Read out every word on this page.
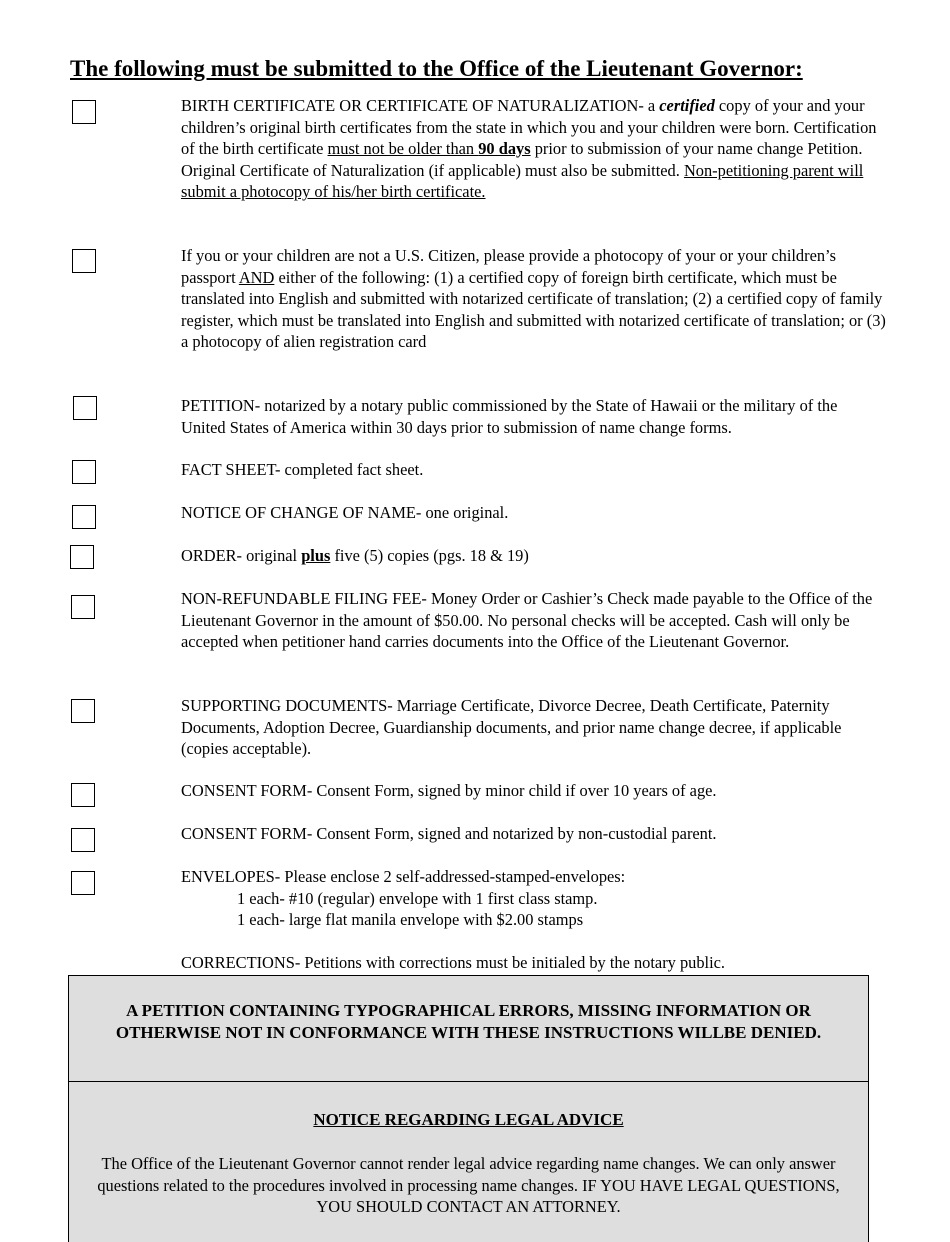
The following must be submitted to the Office of the Lieutenant Governor:

BIRTH CERTIFICATE OR CERTIFICATE OF NATURALIZATION- a certified copy of your and your children’s original birth certificates from the state in which you and your children were born. Certification of the birth certificate must not be older than 90 days prior to submission of your name change Petition. Original Certificate of Naturalization (if applicable) must also be submitted. Non-petitioning parent will submit a photocopy of his/her birth certificate.

If you or your children are not a U.S. Citizen, please provide a photocopy of your or your children’s passport AND either of the following: (1) a certified copy of foreign birth certificate, which must be translated into English and submitted with notarized certificate of translation; (2) a certified copy of family register, which must be translated into English and submitted with notarized certificate of translation; or (3) a photocopy of alien registration card

PETITION- notarized by a notary public commissioned by the State of Hawaii or the military of the United States of America within 30 days prior to submission of name change forms.

FACT SHEET- completed fact sheet.

NOTICE OF CHANGE OF NAME- one original.

ORDER- original plus five (5) copies (pgs. 18 & 19)

NON-REFUNDABLE FILING FEE- Money Order or Cashier’s Check made payable to the Office of the Lieutenant Governor in the amount of $50.00. No personal checks will be accepted. Cash will only be accepted when petitioner hand carries documents into the Office of the Lieutenant Governor.

SUPPORTING DOCUMENTS- Marriage Certificate, Divorce Decree, Death Certificate, Paternity Documents, Adoption Decree, Guardianship documents, and prior name change decree, if applicable (copies acceptable).

CONSENT FORM- Consent Form, signed by minor child if over 10 years of age.

CONSENT FORM- Consent Form, signed and notarized by non-custodial parent.

ENVELOPES- Please enclose 2 self-addressed-stamped-envelopes:

1 each- #10 (regular) envelope with 1 first class stamp.

1 each- large flat manila envelope with $2.00 stamps

CORRECTIONS- Petitions with corrections must be initialed by the notary public.

A PETITION CONTAINING TYPOGRAPHICAL ERRORS, MISSING INFORMATION OR

OTHERWISE NOT IN CONFORMANCE WITH THESE INSTRUCTIONS WILLBE DENIED.

NOTICE REGARDING LEGAL ADVICE

The Office of the Lieutenant Governor cannot render legal advice regarding name changes. We can only answer questions related to the procedures involved in processing name changes. IF YOU HAVE LEGAL QUESTIONS, YOU SHOULD CONTACT AN ATTORNEY.
